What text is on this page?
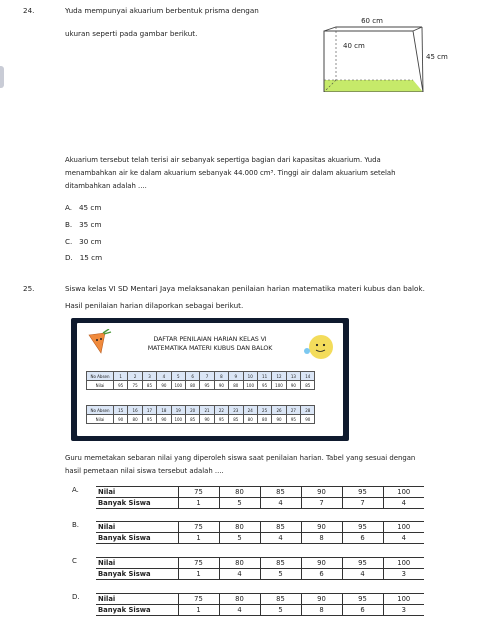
24.	Yuda mempunyai akuarium berbentuk prisma dengan
ukuran seperti pada gambar berikut.
60 cm
40 cm
45 cm
Akuarium tersebut telah terisi air sebanyak sepertiga bagian dari kapasitas akuarium. Yuda
menambahkan air ke dalam akuarium sebanyak 44.000 cm³. Tinggi air dalam akuarium setelah
ditambahkan adalah ....
A. 45 cm
B. 35 cm
C. 30 cm
D. 15 cm
25.	Siswa kelas VI SD Mentari Jaya melaksanakan penilaian harian matematika materi kubus dan balok.
Hasil penilaian harian dilaporkan sebagai berikut.
DAFTAR PENILAIAN HARIAN KELAS VI
MATEMATIKA MATERI KUBUS DAN BALOK
No Absen	1	2	3	4	5	6	7	8	9	10	11	12	13	14
Nilai	95	75	85	90	100	80	95	90	80	100	95	100	90	85
No Absen	15	16	17	18	19	20	21	22	23	24	25	26	27	28
Nilai	90	80	95	90	100	85	90	95	85	80	80	90	95	90
Guru memetakan sebaran nilai yang diperoleh siswa saat penilaian harian. Tabel yang sesuai dengan
hasil pemetaan nilai siswa tersebut adalah ....
A.	Nilai	75	80	85	90	95	100
Banyak Siswa	1	5	4	7	7	4
B.	Nilai	75	80	85	90	95	100
Banyak Siswa	1	5	4	8	6	4
C	Nilai	75	80	85	90	95	100
Banyak Siswa	1	4	5	6	4	3
D.	Nilai	75	80	85	90	95	100
Banyak Siswa	1	4	5	8	6	3
